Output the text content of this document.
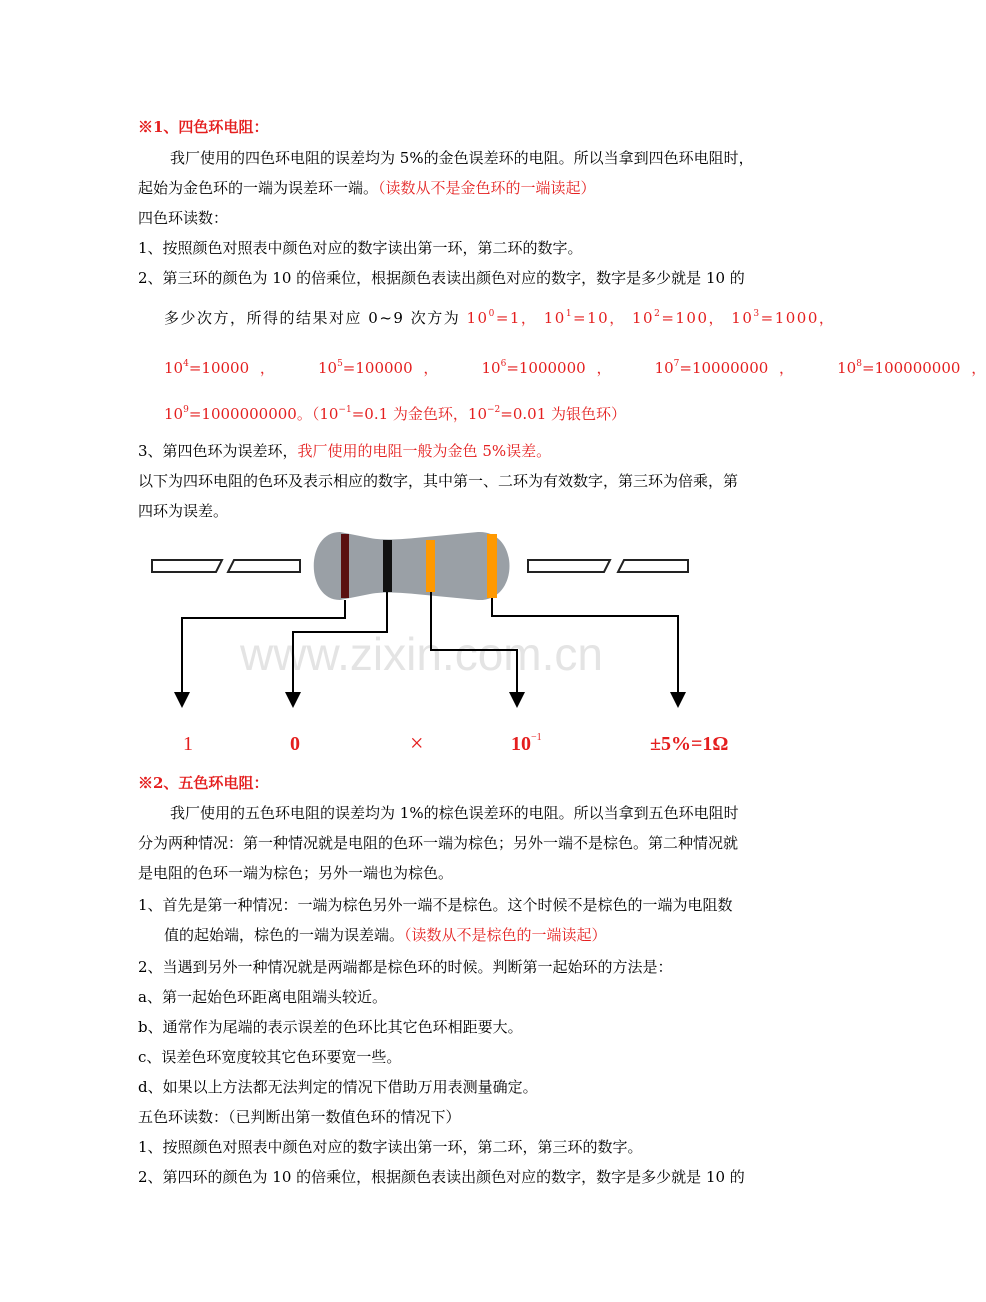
※1、四色环电阻：
我厂使用的四色环电阻的误差均为 5%的金色误差环的电阻。所以当拿到四色环电阻时，
起始为金色环的一端为误差环一端。（读数从不是金色环的一端读起）
四色环读数：
1、按照颜色对照表中颜色对应的数字读出第一环，第二环的数字。
2、第三环的颜色为 10 的倍乘位，根据颜色表读出颜色对应的数字，数字是多少就是 10 的
多少次方，所得的结果对应 0~9 次方为 $10^0=1$， $10^1=10$， $10^2=100$， $10^3=1000$，
$10^4=10000$ ，	$10^5=100000$ ，	$10^6=1000000$ ，	$10^7=10000000$ ，	$10^8=100000000$ ，
$10^9=1000000000$。（$10^{-1}=0.1$ 为金色环，$10^{-2}=0.01$ 为银色环）
3、第四色环为误差环，我厂使用的电阻一般为金色 5%误差。
以下为四环电阻的色环及表示相应的数字，其中第一、二环为有效数字，第三环为倍乘，第
四环为误差。
www.zixin.com.cn
1	0	×	$10^{-1}$	±5%=1Ω
※2、五色环电阻：
我厂使用的五色环电阻的误差均为 1%的棕色误差环的电阻。所以当拿到五色环电阻时
分为两种情况：第一种情况就是电阻的色环一端为棕色；另外一端不是棕色。第二种情况就
是电阻的色环一端为棕色；另外一端也为棕色。
1、首先是第一种情况：一端为棕色另外一端不是棕色。这个时候不是棕色的一端为电阻数
值的起始端，棕色的一端为误差端。（读数从不是棕色的一端读起）
2、当遇到另外一种情况就是两端都是棕色环的时候。判断第一起始环的方法是：
a、第一起始色环距离电阻端头较近。
b、通常作为尾端的表示误差的色环比其它色环相距要大。
c、误差色环宽度较其它色环要宽一些。
d、如果以上方法都无法判定的情况下借助万用表测量确定。
五色环读数：（已判断出第一数值色环的情况下）
1、按照颜色对照表中颜色对应的数字读出第一环，第二环，第三环的数字。
2、第四环的颜色为 10 的倍乘位，根据颜色表读出颜色对应的数字，数字是多少就是 10 的
